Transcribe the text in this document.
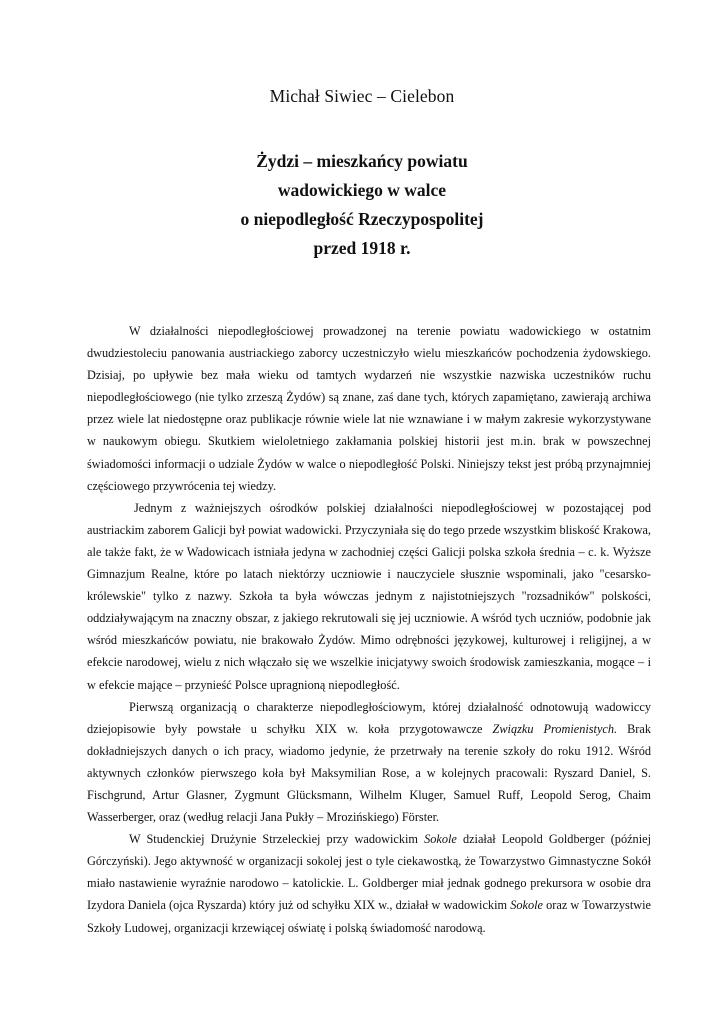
Michał Siwiec – Cielebon
Żydzi – mieszkańcy powiatu
wadowickiego w walce
o niepodległość Rzeczypospolitej
przed 1918 r.

W działalności niepodległościowej prowadzonej na terenie powiatu wadowickiego w ostatnim dwudziestoleciu panowania austriackiego zaborcy uczestniczyło wielu mieszkańców pochodzenia żydowskiego. Dzisiaj, po upływie bez mała wieku od tamtych wydarzeń nie wszystkie nazwiska uczestników ruchu niepodległościowego (nie tylko zrzeszą Żydów) są znane, zaś dane tych, których zapamiętano, zawierają archiwa przez wiele lat niedostępne oraz publikacje równie wiele lat nie wznawiane i w małym zakresie wykorzystywane w naukowym obiegu. Skutkiem wieloletniego zakłamania polskiej historii jest m.in. brak w powszechnej świadomości informacji o udziale Żydów w walce o niepodległość Polski. Niniejszy tekst jest próbą przynajmniej częściowego przywrócenia tej wiedzy.

Jednym z ważniejszych ośrodków polskiej działalności niepodległościowej w pozostającej pod austriackim zaborem Galicji był powiat wadowicki. Przyczyniała się do tego przede wszystkim bliskość Krakowa, ale także fakt, że w Wadowicach istniała jedyna w zachodniej części Galicji polska szkoła średnia – c. k. Wyższe Gimnazjum Realne, które po latach niektórzy uczniowie i nauczyciele słusznie wspominali, jako "cesarsko-królewskie" tylko z nazwy. Szkoła ta była wówczas jednym z najistotniejszych "rozsadników" polskości, oddziaływającym na znaczny obszar, z jakiego rekrutowali się jej uczniowie. A wśród tych uczniów, podobnie jak wśród mieszkańców powiatu, nie brakowało Żydów. Mimo odrębności językowej, kulturowej i religijnej, a w efekcie narodowej, wielu z nich włączało się we wszelkie inicjatywy swoich środowisk zamieszkania, mogące – i w efekcie mające – przynieść Polsce upragnioną niepodległość.

Pierwszą organizacją o charakterze niepodległościowym, której działalność odnotowują wadowiccy dziejopisowie były powstałe u schyłku XIX w. koła przygotowawcze Związku Promienistych. Brak dokładniejszych danych o ich pracy, wiadomo jedynie, że przetrwały na terenie szkoły do roku 1912. Wśród aktywnych członków pierwszego koła był Maksymilian Rose, a w kolejnych pracowali: Ryszard Daniel, S. Fischgrund, Artur Glasner, Zygmunt Glücksmann, Wilhelm Kluger, Samuel Ruff, Leopold Serog, Chaim Wasserberger, oraz (według relacji Jana Pukły – Mrozińskiego) Förster.

W Studenckiej Drużynie Strzeleckiej przy wadowickim Sokole działał Leopold Goldberger (później Górczyński). Jego aktywność w organizacji sokolej jest o tyle ciekawostką, że Towarzystwo Gimnastyczne Sokół miało nastawienie wyraźnie narodowo – katolickie. L. Goldberger miał jednak godnego prekursora w osobie dra Izydora Daniela (ojca Ryszarda) który już od schyłku XIX w., działał w wadowickim Sokole oraz w Towarzystwie Szkoły Ludowej, organizacji krzewiącej oświatę i polską świadomość narodową.
